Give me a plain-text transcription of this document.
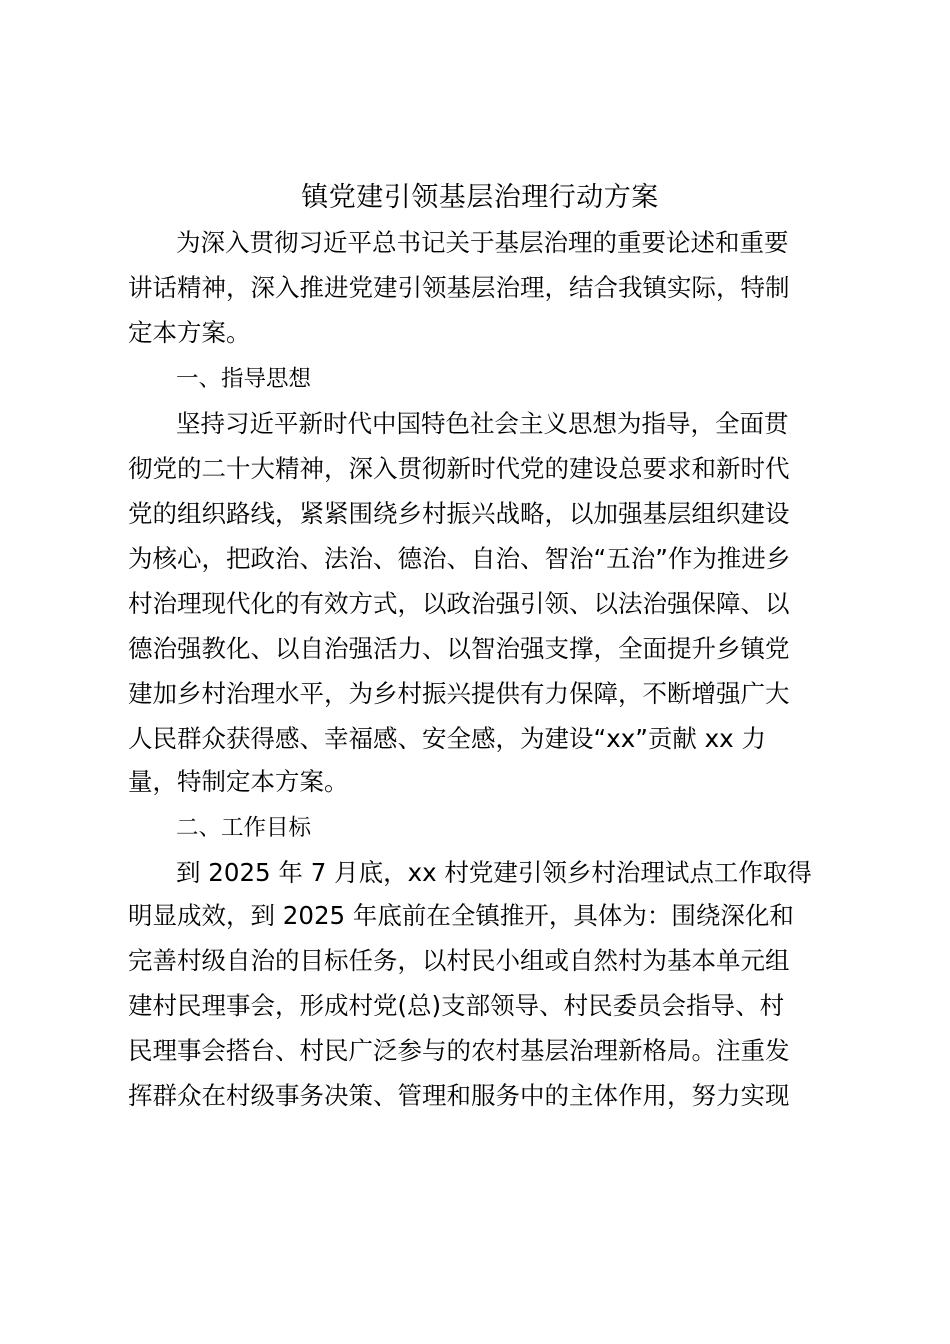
镇党建引领基层治理行动方案
为深入贯彻习近平总书记关于基层治理的重要论述和重要
讲话精神，深入推进党建引领基层治理，结合我镇实际，特制
定本方案。
一、指导思想
坚持习近平新时代中国特色社会主义思想为指导，全面贯
彻党的二十大精神，深入贯彻新时代党的建设总要求和新时代
党的组织路线，紧紧围绕乡村振兴战略，以加强基层组织建设
为核心，把政治、法治、德治、自治、智治“五治”作为推进乡
村治理现代化的有效方式，以政治强引领、以法治强保障、以
德治强教化、以自治强活力、以智治强支撑，全面提升乡镇党
建加乡村治理水平，为乡村振兴提供有力保障，不断增强广大
人民群众获得感、幸福感、安全感，为建设“xx”贡献 xx 力
量，特制定本方案。
二、工作目标
到 2025 年 7 月底，xx 村党建引领乡村治理试点工作取得
明显成效，到 2025 年底前在全镇推开，具体为：围绕深化和
完善村级自治的目标任务，以村民小组或自然村为基本单元组
建村民理事会，形成村党(总)支部领导、村民委员会指导、村
民理事会搭台、村民广泛参与的农村基层治理新格局。注重发
挥群众在村级事务决策、管理和服务中的主体作用，努力实现
